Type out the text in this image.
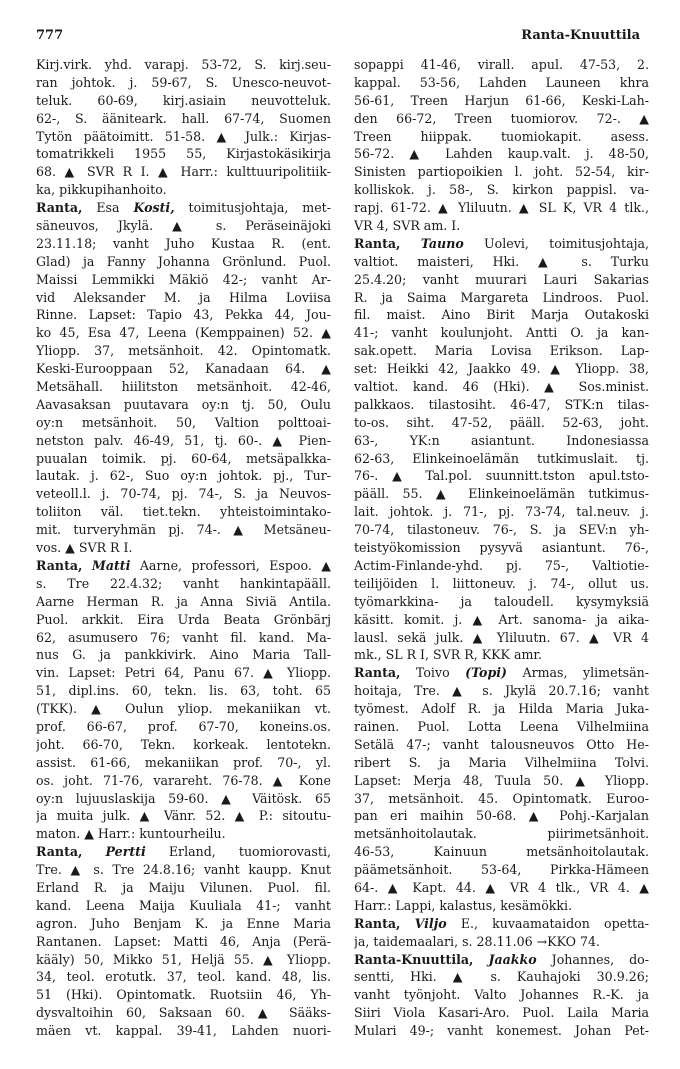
777	Ranta-Knuuttila
Kirj.virk. yhd. varapj. 53-72, S. kirj.seu-
ran johtok. j. 59-67, S. Unesco-neuvot-
teluk. 60-69, kirj.asiain neuvotteluk.
62-, S. ääniteark. hall. 67-74, Suomen
Tytön päätoimitt. 51-58. ▲ Julk.: Kirjas-
tomatrikkeli 1955 55, Kirjastokäsikirja
68. ▲ SVR R I. ▲ Harr.: kulttuuripolitiik-
ka, pikkupihanhoito.
Ranta, Esa Kosti, toimitusjohtaja, met-
säneuvos, Jkylä. ▲ s. Peräseinäjoki
23.11.18; vanht Juho Kustaa R. (ent.
Glad) ja Fanny Johanna Grönlund. Puol.
Maissi Lemmikki Mäkiö 42-; vanht Ar-
vid Aleksander M. ja Hilma Loviisa
Rinne. Lapset: Tapio 43, Pekka 44, Jou-
ko 45, Esa 47, Leena (Kemppainen) 52. ▲
Yliopp. 37, metsänhoit. 42. Opintomatk.
Keski-Eurooppaan 52, Kanadaan 64. ▲
Metsähall. hiilitston metsänhoit. 42-46,
Aavasaksan puutavara oy:n tj. 50, Oulu
oy:n metsänhoit. 50, Valtion polttoai-
netston palv. 46-49, 51, tj. 60-. ▲ Pien-
puualan toimik. pj. 60-64, metsäpalkka-
lautak. j. 62-, Suo oy:n johtok. pj., Tur-
veteoll.l. j. 70-74, pj. 74-, S. ja Neuvos-
toliiton väl. tiet.tekn. yhteistoimintako-
mit. turveryhmän pj. 74-. ▲ Metsäneu-
vos. ▲ SVR R I.
Ranta, Matti Aarne, professori, Espoo. ▲
s. Tre 22.4.32; vanht hankintapääll.
Aarne Herman R. ja Anna Siviä Antila.
Puol. arkkit. Eira Urda Beata Grönbärj
62, asumusero 76; vanht fil. kand. Ma-
nus G. ja pankkivirk. Aino Maria Tall-
vin. Lapset: Petri 64, Panu 67. ▲ Yliopp.
51, dipl.ins. 60, tekn. lis. 63, toht. 65
(TKK). ▲ Oulun yliop. mekaniikan vt.
prof. 66-67, prof. 67-70, koneins.os.
joht. 66-70, Tekn. korkeak. lentotekn.
assist. 61-66, mekaniikan prof. 70-, yl.
os. joht. 71-76, varareht. 76-78. ▲ Kone
oy:n lujuuslaskija 59-60. ▲ Väitösk. 65
ja muita julk. ▲ Vänr. 52. ▲ P.: sitoutu-
maton. ▲ Harr.: kuntourheilu.
Ranta, Pertti Erland, tuomiorovasti,
Tre. ▲ s. Tre 24.8.16; vanht kaupp. Knut
Erland R. ja Maiju Vilunen. Puol. fil.
kand. Leena Maija Kuuliala 41-; vanht
agron. Juho Benjam K. ja Enne Maria
Rantanen. Lapset: Matti 46, Anja (Perä-
kääly) 50, Mikko 51, Heljä 55. ▲ Yliopp.
34, teol. erotutk. 37, teol. kand. 48, lis.
51 (Hki). Opintomatk. Ruotsiin 46, Yh-
dysvaltoihin 60, Saksaan 60. ▲ Sääks-
mäen vt. kappal. 39-41, Lahden nuori-
sopappi 41-46, virall. apul. 47-53, 2.
kappal. 53-56, Lahden Launeen khra
56-61, Treen Harjun 61-66, Keski-Lah-
den 66-72, Treen tuomiorov. 72-. ▲
Treen hiippak. tuomiokapit. asess.
56-72. ▲ Lahden kaup.valt. j. 48-50,
Sinisten partiopoikien l. joht. 52-54, kir-
kolliskok. j. 58-, S. kirkon pappisl. va-
rapj. 61-72. ▲ Yliluutn. ▲ SL K, VR 4 tlk.,
VR 4, SVR am. I.
Ranta, Tauno Uolevi, toimitusjohtaja,
valtiot. maisteri, Hki. ▲ s. Turku
25.4.20; vanht muurari Lauri Sakarias
R. ja Saima Margareta Lindroos. Puol.
fil. maist. Aino Birit Marja Outakoski
41-; vanht koulunjoht. Antti O. ja kan-
sak.opett. Maria Lovisa Erikson. Lap-
set: Heikki 42, Jaakko 49. ▲ Yliopp. 38,
valtiot. kand. 46 (Hki). ▲ Sos.minist.
palkkaos. tilastosiht. 46-47, STK:n tilas-
to-os. siht. 47-52, pääll. 52-63, joht.
63-, YK:n asiantunt. Indonesiassa
62-63, Elinkeinoelämän tutkimuslait. tj.
76-. ▲ Tal.pol. suunnitt.tston apul.tsto-
pääll. 55. ▲ Elinkeinoelämän tutkimus-
lait. johtok. j. 71-, pj. 73-74, tal.neuv. j.
70-74, tilastoneuv. 76-, S. ja SEV:n yh-
teistyökomission pysyvä asiantunt. 76-,
Actim-Finlande-yhd. pj. 75-, Valtiotie-
teilijöiden l. liittoneuv. j. 74-, ollut us.
työmarkkina- ja taloudell. kysymyksiä
käsitt. komit. j. ▲ Art. sanoma- ja aika-
lausl. sekä julk. ▲ Yliluutn. 67. ▲ VR 4
mk., SL R I, SVR R, KKK amr.
Ranta, Toivo (Topi) Armas, ylimetsän-
hoitaja, Tre. ▲ s. Jkylä 20.7.16; vanht
työmest. Adolf R. ja Hilda Maria Juka-
rainen. Puol. Lotta Leena Vilhelmiina
Setälä 47-; vanht talousneuvos Otto He-
ribert S. ja Maria Vilhelmiina Tolvi.
Lapset: Merja 48, Tuula 50. ▲ Yliopp.
37, metsänhoit. 45. Opintomatk. Euroo-
pan eri maihin 50-68. ▲ Pohj.-Karjalan
metsänhoitolautak. piirimetsänhoit.
46-53, Kainuun metsänhoitolautak.
päämetsänhoit. 53-64, Pirkka-Hämeen
64-. ▲ Kapt. 44. ▲ VR 4 tlk., VR 4. ▲
Harr.: Lappi, kalastus, kesämökki.
Ranta, Viljo E., kuvaamataidon opetta-
ja, taidemaalari, s. 28.11.06 →KKO 74.
Ranta-Knuuttila, Jaakko Johannes, do-
sentti, Hki. ▲ s. Kauhajoki 30.9.26;
vanht työnjoht. Valto Johannes R.-K. ja
Siiri Viola Kasari-Aro. Puol. Laila Maria
Mulari 49-; vanht konemest. Johan Pet-
